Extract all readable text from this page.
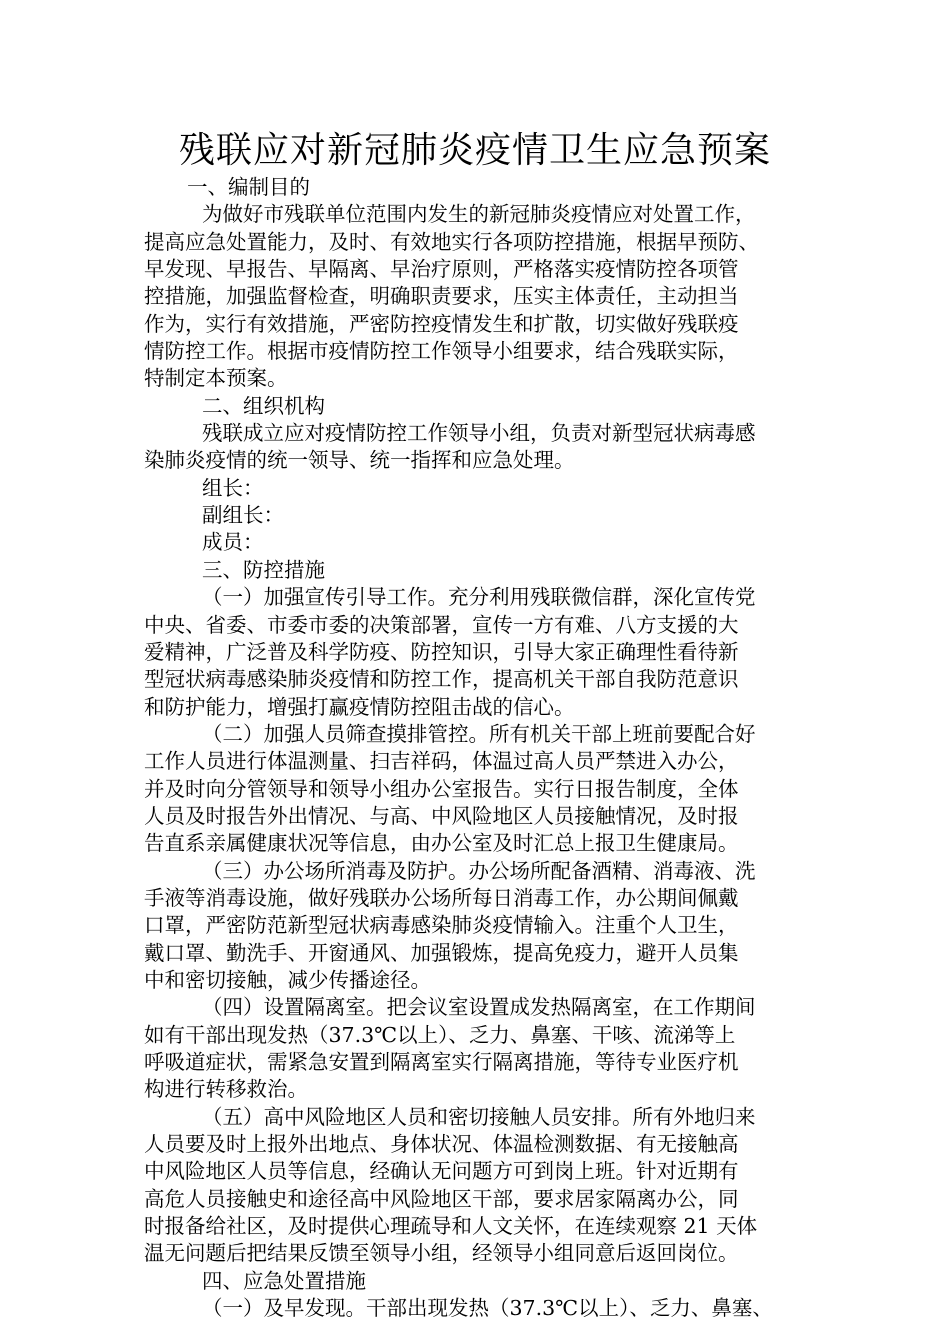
残联应对新冠肺炎疫情卫生应急预案
一、编制目的
为做好市残联单位范围内发生的新冠肺炎疫情应对处置工作，
提高应急处置能力，及时、有效地实行各项防控措施，根据早预防、
早发现、早报告、早隔离、早治疗原则，严格落实疫情防控各项管
控措施，加强监督检查，明确职责要求，压实主体责任，主动担当
作为，实行有效措施，严密防控疫情发生和扩散，切实做好残联疫
情防控工作。根据市疫情防控工作领导小组要求，结合残联实际，
特制定本预案。
二、组织机构
残联成立应对疫情防控工作领导小组，负责对新型冠状病毒感
染肺炎疫情的统一领导、统一指挥和应急处理。
组长：
副组长：
成员：
三、防控措施
（一）加强宣传引导工作。充分利用残联微信群，深化宣传党
中央、省委、市委市委的决策部署，宣传一方有难、八方支援的大
爱精神，广泛普及科学防疫、防控知识，引导大家正确理性看待新
型冠状病毒感染肺炎疫情和防控工作，提高机关干部自我防范意识
和防护能力，增强打赢疫情防控阻击战的信心。
（二）加强人员筛查摸排管控。所有机关干部上班前要配合好
工作人员进行体温测量、扫吉祥码，体温过高人员严禁进入办公，
并及时向分管领导和领导小组办公室报告。实行日报告制度，全体
人员及时报告外出情况、与高、中风险地区人员接触情况，及时报
告直系亲属健康状况等信息，由办公室及时汇总上报卫生健康局。
（三）办公场所消毒及防护。办公场所配备酒精、消毒液、洗
手液等消毒设施，做好残联办公场所每日消毒工作，办公期间佩戴
口罩，严密防范新型冠状病毒感染肺炎疫情输入。注重个人卫生，
戴口罩、勤洗手、开窗通风、加强锻炼，提高免疫力，避开人员集
中和密切接触，减少传播途径。
（四）设置隔离室。把会议室设置成发热隔离室，在工作期间
如有干部出现发热（37.3℃以上）、乏力、鼻塞、干咳、流涕等上
呼吸道症状，需紧急安置到隔离室实行隔离措施，等待专业医疗机
构进行转移救治。
（五）高中风险地区人员和密切接触人员安排。所有外地归来
人员要及时上报外出地点、身体状况、体温检测数据、有无接触高
中风险地区人员等信息，经确认无问题方可到岗上班。针对近期有
高危人员接触史和途径高中风险地区干部，要求居家隔离办公，同
时报备给社区，及时提供心理疏导和人文关怀，在连续观察 21 天体
温无问题后把结果反馈至领导小组，经领导小组同意后返回岗位。
四、应急处置措施
（一）及早发现。干部出现发热（37.3℃以上）、乏力、鼻塞、
